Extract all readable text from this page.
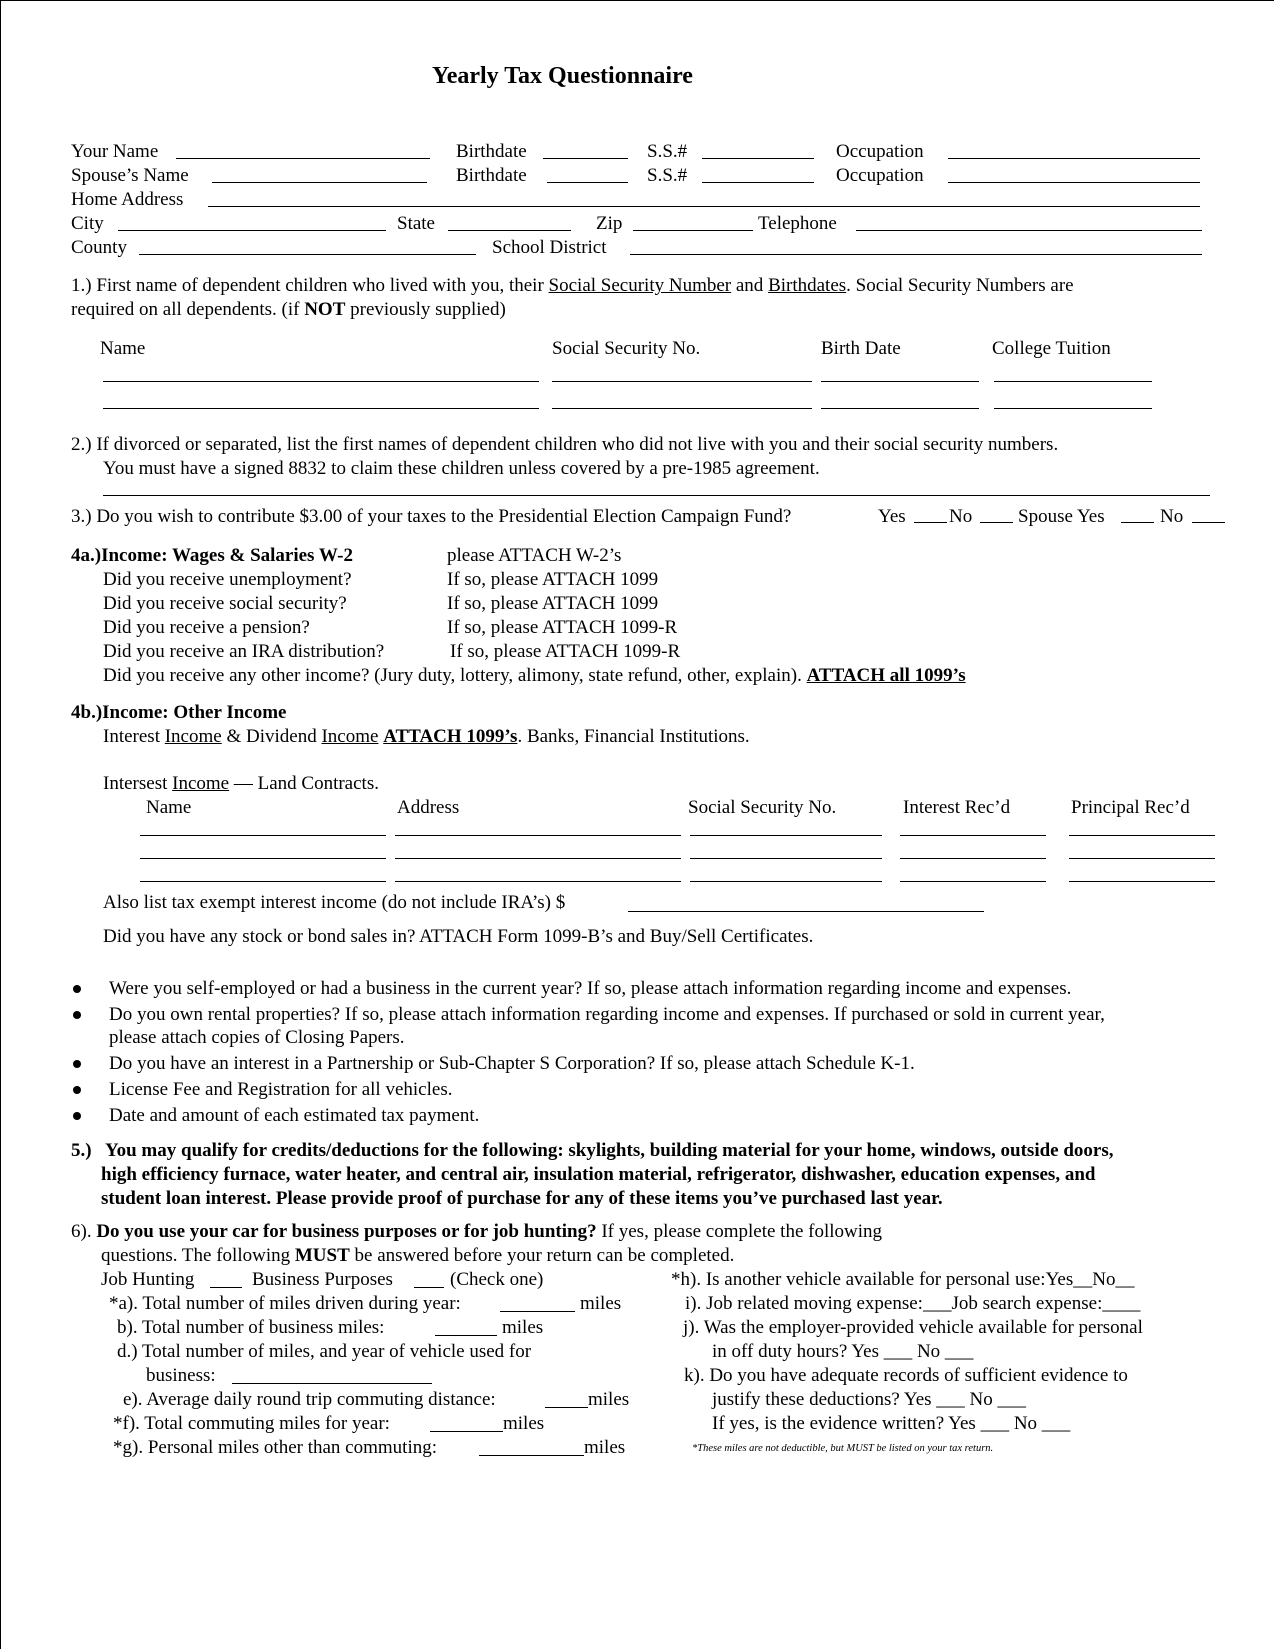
Yearly Tax Questionnaire
Your Name	Birthdate	S.S.#	Occupation
Spouse’s Name	Birthdate	S.S.#	Occupation
Home Address
City	State	Zip	Telephone
County	School District
1.) First name of dependent children who lived with you, their Social Security Number and Birthdates. Social Security Numbers are
required on all dependents. (if NOT previously supplied)
Name	Social Security No.	Birth Date	College Tuition
2.) If divorced or separated, list the first names of dependent children who did not live with you and their social security numbers.
You must have a signed 8832 to claim these children unless covered by a pre-1985 agreement.
3.) Do you wish to contribute $3.00 of your taxes to the Presidential Election Campaign Fund?	Yes No Spouse Yes	No
4a.)Income: Wages & Salaries W-2	please ATTACH W-2’s
Did you receive unemployment?	If so, please ATTACH 1099
Did you receive social security?	If so, please ATTACH 1099
Did you receive a pension?	If so, please ATTACH 1099-R
Did you receive an IRA distribution?	If so, please ATTACH 1099-R
Did you receive any other income? (Jury duty, lottery, alimony, state refund, other, explain). ATTACH all 1099’s
4b.)Income: Other Income
Interest Income & Dividend Income ATTACH 1099’s. Banks, Financial Institutions.
Intersest Income — Land Contracts.
Name	Address	Social Security No.	Interest Rec’d	Principal Rec’d
Also list tax exempt interest income (do not include IRA’s) $
Did you have any stock or bond sales in? ATTACH Form 1099-B’s and Buy/Sell Certificates.
Were you self-employed or had a business in the current year? If so, please attach information regarding income and expenses.
Do you own rental properties? If so, please attach information regarding income and expenses. If purchased or sold in current year,
please attach copies of Closing Papers.
Do you have an interest in a Partnership or Sub-Chapter S Corporation? If so, please attach Schedule K-1.
License Fee and Registration for all vehicles.
Date and amount of each estimated tax payment.
5.) You may qualify for credits/deductions for the following: skylights, building material for your home, windows, outside doors,
high efficiency furnace, water heater, and central air, insulation material, refrigerator, dishwasher, education expenses, and
student loan interest. Please provide proof of purchase for any of these items you’ve purchased last year.
6). Do you use your car for business purposes or for job hunting? If yes, please complete the following
questions. The following MUST be answered before your return can be completed.
Job Hunting	Business Purposes	(Check one)
*a). Total number of miles driven during year:	miles
b). Total number of business miles:	miles
d.) Total number of miles, and year of vehicle used for
business:
e). Average daily round trip commuting distance:	miles
*f). Total commuting miles for year:	miles
*g). Personal miles other than commuting:	miles
*h). Is another vehicle available for personal use:Yes__No__
i). Job related moving expense:___Job search expense:____
j). Was the employer-provided vehicle available for personal
in off duty hours? Yes ___ No ___
k). Do you have adequate records of sufficient evidence to
justify these deductions? Yes ___ No ___
If yes, is the evidence written? Yes ___ No ___
*These miles are not deductible, but MUST be listed on your tax return.
